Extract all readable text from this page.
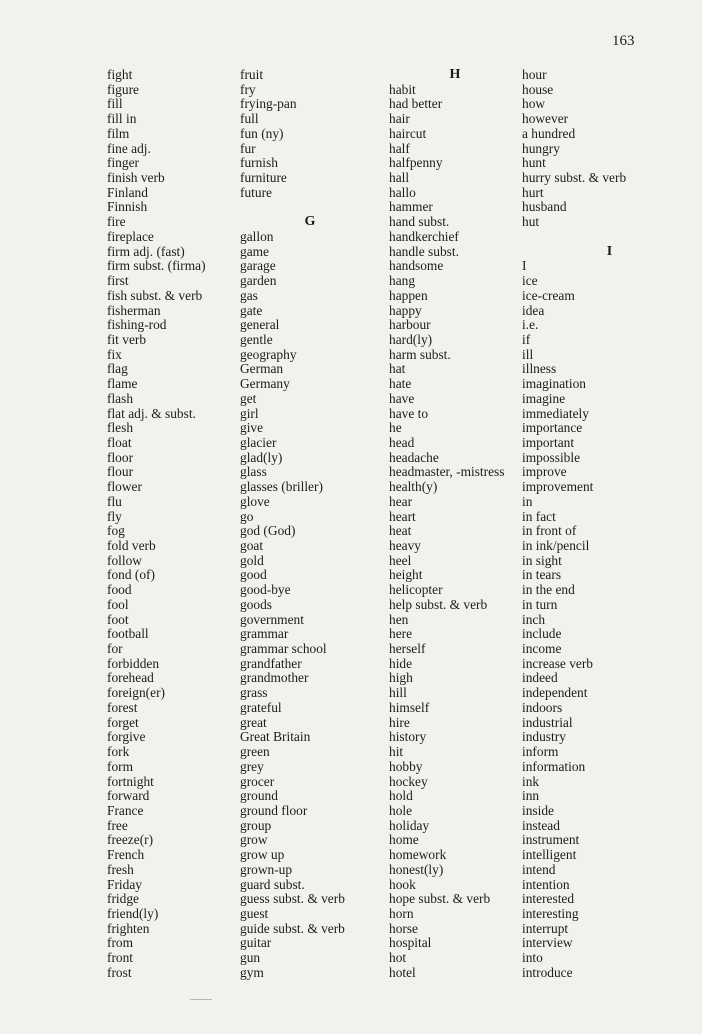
163
fight
figure
fill
fill in
film
fine adj.
finger
finish verb
Finland
Finnish
fire
fireplace
firm adj. (fast)
firm subst. (firma)
first
fish subst. & verb
fisherman
fishing-rod
fit verb
fix
flag
flame
flash
flat adj. & subst.
flesh
float
floor
flour
flower
flu
fly
fog
fold verb
follow
fond (of)
food
fool
foot
football
for
forbidden
forehead
foreign(er)
forest
forget
forgive
fork
form
fortnight
forward
France
free
freeze(r)
French
fresh
Friday
fridge
friend(ly)
frighten
from
front
frost
fruit
fry
frying-pan
full
fun (ny)
fur
furnish
furniture
future
G
gallon
game
garage
garden
gas
gate
general
gentle
geography
German
Germany
get
girl
give
glacier
glad(ly)
glass
glasses (briller)
glove
go
god (God)
goat
gold
good
good-bye
goods
government
grammar
grammar school
grandfather
grandmother
grass
grateful
great
Great Britain
green
grey
grocer
ground
ground floor
group
grow
grow up
grown-up
guard subst.
guess subst. & verb
guest
guide subst. & verb
guitar
gun
gym
H
habit
had better
hair
haircut
half
halfpenny
hall
hallo
hammer
hand subst.
handkerchief
handle subst.
handsome
hang
happen
happy
harbour
hard(ly)
harm subst.
hat
hate
have
have to
he
head
headache
headmaster, -mistress
health(y)
hear
heart
heat
heavy
heel
height
helicopter
help subst. & verb
hen
here
herself
hide
high
hill
himself
hire
history
hit
hobby
hockey
hold
hole
holiday
home
homework
honest(ly)
hook
hope subst. & verb
horn
horse
hospital
hot
hotel
hour
house
how
however
a hundred
hungry
hunt
hurry subst. & verb
hurt
husband
hut
I
I
ice
ice-cream
idea
i.e.
if
ill
illness
imagination
imagine
immediately
importance
important
impossible
improve
improvement
in
in fact
in front of
in ink/pencil
in sight
in tears
in the end
in turn
inch
include
income
increase verb
indeed
independent
indoors
industrial
industry
inform
information
ink
inn
inside
instead
instrument
intelligent
intend
intention
interested
interesting
interrupt
interview
into
introduce
